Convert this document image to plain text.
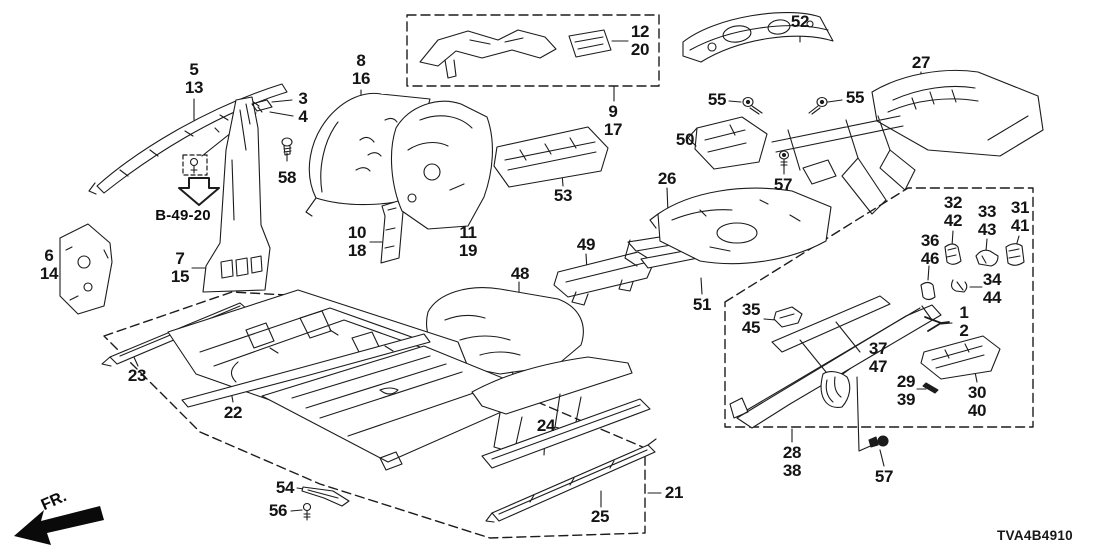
5
13
3
4
58
6
14
7
15
8
16
10
18
11
19
12
20
9
17
53
48
49
51
52
27
55	55
50
57
26
32
42 33
43
31
41
36
46
34
44
1
2
35
45
37
47
29
39	30
40
28
38	57
23
22
54
56
24
25
21
B-49-20
FR.
TVA4B4910
